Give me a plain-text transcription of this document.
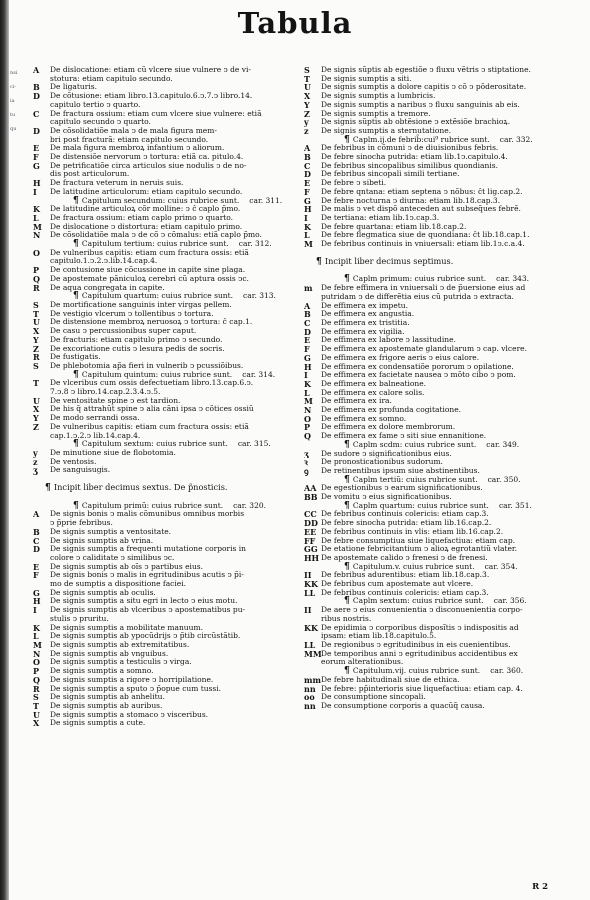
nsi
ci-
ia
tu
qu
Tabula
A	De dislocatione: etiam cũ vlcere siue vulnere ↄ de vi-
stotura: etiam capitulo secundo.
B	De ligaturis.
D	De cõtusione: etiam libro.13.capitulo.6.ↄ.7.ↄ libro.14.
capitulo tertio ↄ quarto.
C	De fractura ossium: etiam cum vlcere siue vulnere: etiã
capitulo secundo ↄ quarto.
D	De cõsolidatiõe mala ↄ de mala figura mem-
bri post fracturã: etiam capitulo secundo.
E	De mala figura membroꝝ infantium ↄ aliorum.
F	De distensiõe nervorum ↄ tortura: etiã ca. pitulo.4.
G	De petrificatiõe circa articulos siue nodulis ↄ de no-
dis post articulorum.
H	De fractura veterum in neruis suis.
I	De latitudine articulorum: etiam capitulo secundo.
¶ Capitulum secundum: cuius rubrice sunt. car. 311.
K	De latitudine articuloꝝ cõr molline: ↄ ĉ caplo p̃mo.
L	De fractura ossium: etiam caplo primo ↄ quarto.
M	De dislocatione ↄ distortura: etiam capitulo primo.
N	De cõsolidatiõe mala ↄ de cõ ↄ cõmalus: etiã caplo p̃mo.
¶ Capitulum tertium: cuius rubrice sunt. car. 312.
O	De vulneribus capitis: etiam cum fractura ossis: etiã
capitulo.1.ↄ.2.ↄ.lib.14.cap.4.
P	De contusione siue cõcussione in capite sine plaga.
Q	De apostemate pãniculoꝝ cerebri cũ aptura ossis ↄc.
R	De aqua congregata in capite.
¶ Capitulum quartum: cuius rubrice sunt. car. 313.
S	De mortificatione sanguinis inter virgas pellem.
T	De vestigio vlcerum ↄ tollentibus ↄ tortura.
U	De distensione membroꝝ neruosoꝝ ↄ tortura: ĉ cap.1.
X	De casu ↄ percussionibus super caput.
Y	De fracturis: etiam capitulo primo ↄ secundo.
Z	De excoriatione cutis ↄ lesura pedis de socris.
R	De fustigatis.
S	De phlebotomia ap̃a fieri in vulnerib̃ ↄ pcussiõibus.
¶ Capitulum quintum: cuius rubrice sunt. car. 314.
T	De vlceribus cum ossis defectuetiam libro.13.cap.6.ↄ.
7.ↄ.8 ↄ libro.14.cap.2.3.4.ↄ.5.
U	De ventositate spine ↄ est tardion.
X	De his q̃ attrahũt spine ↄ alia cãni ipsa ↄ cõtices ossiũ
Y	De modo serrandi ossa.
Z	De vulneribus capitis: etiam cum fractura ossis: etiã
cap.1.ↄ.2.ↄ lib.14.cap.4.
¶ Capitulum sextum: cuius rubrice sunt. car. 315.
y	De minutione siue de flobotomia.
z	De ventosis.
ʒ	De sanguisugis.
¶ Incipit liber decimus sextus. De p̃nosticis.
¶ Capitulum primũ: cuius rubrice sunt. car. 320.
A	De signis bonis ↄ malis cõmunibus omnibus morbis
ↄ p̃prie febribus.
B	De signis sumptis a ventositate.
C	De signis sumptis ab vrina.
D	De signis sumptis a frequenti mutatione corporis in
colore ↄ caliditate ↄ similibus ↄc.
E	De signis sumptis ab oĩs ↄ partibus eius.
F	De signis bonis ↄ malis in egritudinibus acutis ↄ p̃i-
mo de sumptis a dispositione faciei.
G	De signis sumptis ab oculis.
H	De signis sumptis a situ egri in lecto ↄ eius motu.
I	De signis sumptis ab vlceribus ↄ apostematibus pu-
stulis ↄ pruritu.
K	De signis sumptis a mobilitate manuum.
L	De signis sumptis ab ypocũdrijs ↄ p̃tib̃ circũstãtib̃.
M	De signis sumptis ab extremitatibus.
N	De signis sumptis ab vnguibus.
O	De signis sumptis a testiculis ↄ virga.
P	De signis sumptis a somno.
Q	De signis sumptis a rigore ↄ horripilatione.
R	De signis sumptis a sputo ↄ p̃opue cum tussi.
S	De signis sumptis ab anhelitu.
T	De signis sumptis ab auribus.
U	De signis sumptis a stomaco ↄ visceribus.
X	De signis sumptis a cute.
S	De signis sũptis ab egestiõe ↄ fluxu vẽtris ↄ stiptatione.
T	De signis sumptis a siti.
U	De signis sumptis a dolore capitis ↄ cõ ↄ põderositate.
X	De signis sumptis a lumbricis.
Y	De signis sumptis a naribus ↄ fluxu sanguinis ab eis.
Z	De signis sumptis a tremore.
y	De signis sũptis ab obtẽsione ↄ extẽsiõe brachioꝝ.
z	De signis sumptis a sternutatione.
¶ Caplm.ij.de febrib̃:cui⁹ rubrice sunt. car. 332.
A	De febribus in cõmuni ↄ de diuisionibus febris.
B	De febre sinocha putrida: etiam lib.1ↄ.capitulo.4.
C	De febribus sincopalibus similibus quondianis.
D	De febribus sincopali simili tertiane.
E	De febre ↄ sibeti.
F	De febre qntana: etiam septena ↄ nõbus: ĉt lig.cap.2.
G	De febre nocturna ↄ diurna: etiam lib.18.cap.3.
H	De malis ↄ vet dispõ anteceden aut subseq̃ues febrẽ.
I	De tertiana: etiam lib.1ↄ.cap.3.
K	De febre quartana: etiam lib.18.cap.2.
L	De febre flegmatica siue de quondiana: ĉt lib.18.cap.1.
M	De febribus continuis in vniuersali: etiam lib.1ↄ.c.a.4.
¶ Incipit liber decimus septimus.
¶ Caplm primum: cuius rubrice sunt. car. 343.
m	De febre effimera in vniuersali ↄ de p̃uersione eius ad
putridam ↄ de differẽtia eius cũ putrida ↄ extracta.
A	De effimera ex impetu.
B	De effimera ex angustia.
C	De effimera ex tristitia.
D	De effimera ex vigilia.
E	De effimera ex labore ↄ lassitudine.
F	De effimera ex apostemate glandularum ↄ cap. vlcere.
G	De effimera ex frigore aeris ↄ eius calore.
H	De effimera ex condensatiõe pororum ↄ opilatione.
I	De effimera ex facietate nausea ↄ mõto cibo ↄ pom.
K	De effimera ex balneatione.
L	De effimera ex calore solis.
M	De effimera ex ira.
N	De effimera ex profunda cogitatione.
O	De effimera ex somno.
P	De effimera ex dolore membrorum.
Q	De effimera ex fame ↄ siti siue ennanitione.
¶ Caplm scdm: cuius rubrice sunt. car. 349.
ʒ	De sudore ↄ significationibus eius.
ꝛ	De pronosticationibus sudorum.
ꝯ	De retinentibus ipsum siue abstinentibus.
¶ Caplm tertiũ: cuius rubrice sunt. car. 350.
AA De egestionibus ↄ earum significationibus.
BB De vomitu ↄ eius significationibus.
¶ Caplm quartum: cuius rubrice sunt. car. 351.
CC De febribus continuis colericis: etiam cap.3.
DD De febre sinocha putrida: etiam lib.16.cap.2.
EE De febribus continuis in vlis: etiam lib.16.cap.2.
FF De febre consumptiua siue liquefactiua: etiam cap.
GG De etatione febricitantium ↄ alioꝝ egrotantiũ vlater.
HH De apostemate calido ↄ frenesi ↄ de frenesi.
¶ Capitulum.v. cuius rubrice sunt. car. 354.
II	De febribus adurentibus: etiam lib.18.cap.3.
KK De febribus cum apostemate aut vlcere.
LL De febribus continuis colericis: etiam cap.3.
¶ Caplm sextum: cuius rubrice sunt. car. 356.
II	De aere ↄ eius conuenientia ↄ disconuenientia corpo-
ribus nostris.
KK De epidimia ↄ corporibus disposĩtis ↄ indispositis ad
ipsam: etiam lib.18.capitulo.5.
LL De regionibus ↄ egritudinibus in eis cuenientibus.
MM De temporibus anni ↄ egritudinibus accidentibus ex
eorum alterationibus.
¶ Capitulum.vij. cuius rubrice sunt. car. 360.
mm De febre habitudinali siue de ethica.
nn De febre: pp̃interioris siue liquefactiua: etiam cap. 4.
oo De consumptione sincopali.
nn De consumptione corporis a quacũq̃ causa.
R 2
